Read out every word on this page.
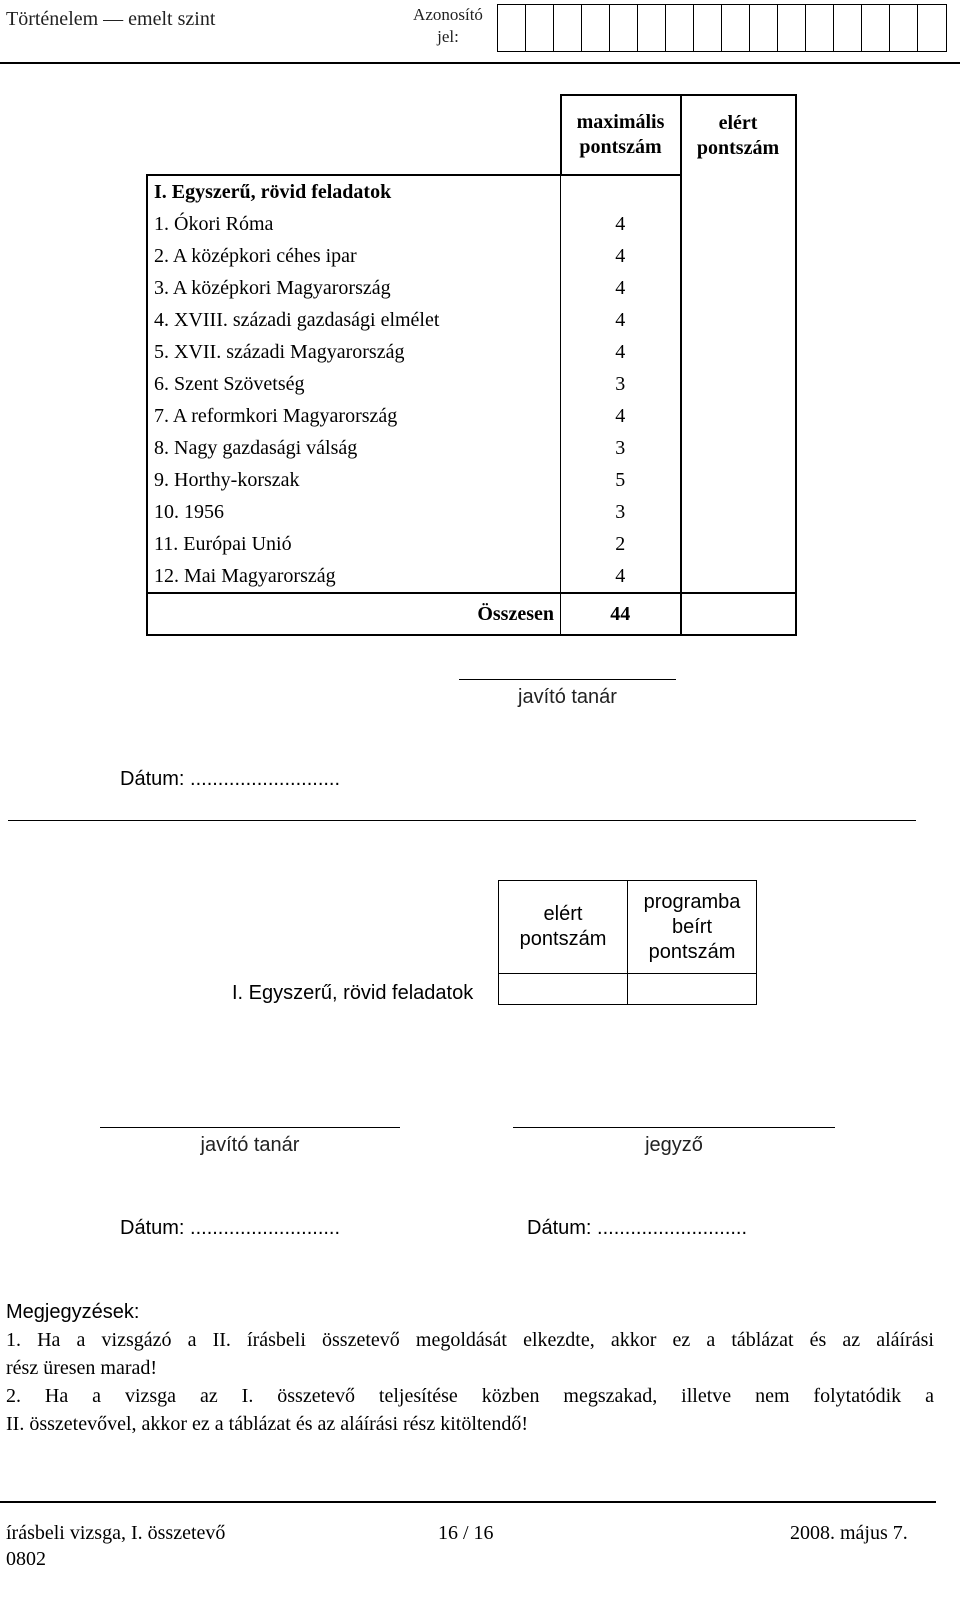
Történelem — emelt szint	Azonosító jel:
	maximális pontszám	elért pontszám
I. Egyszerű, rövid feladatok		
1. Ókori Róma	4	
2. A középkori céhes ipar	4	
3. A középkori Magyarország	4	
4. XVIII. századi gazdasági elmélet	4	
5. XVII. századi Magyarország	4	
6. Szent Szövetség	3	
7. A reformkori Magyarország	4	
8. Nagy gazdasági válság	3	
9. Horthy-korszak	5	
10. 1956	3	
11. Európai Unió	2	
12. Mai Magyarország	4	
Összesen	44	
javító tanár
Dátum: ...........................
	elért pontszám	programba beírt pontszám
I. Egyszerű, rövid feladatok		
javító tanár	jegyző
Dátum: ...........................	Dátum: ...........................

Megjegyzések:

1. Ha a vizsgázó a II. írásbeli összetevő megoldását elkezdte, akkor ez a táblázat és az aláírási

rész üresen marad!

2. Ha a vizsga az I. összetevő teljesítése közben megszakad, illetve nem folytatódik a

II. összetevővel, akkor ez a táblázat és az aláírási rész kitöltendő!

írásbeli vizsga, I. összetevő
0802
16 / 16	2008. május 7.
